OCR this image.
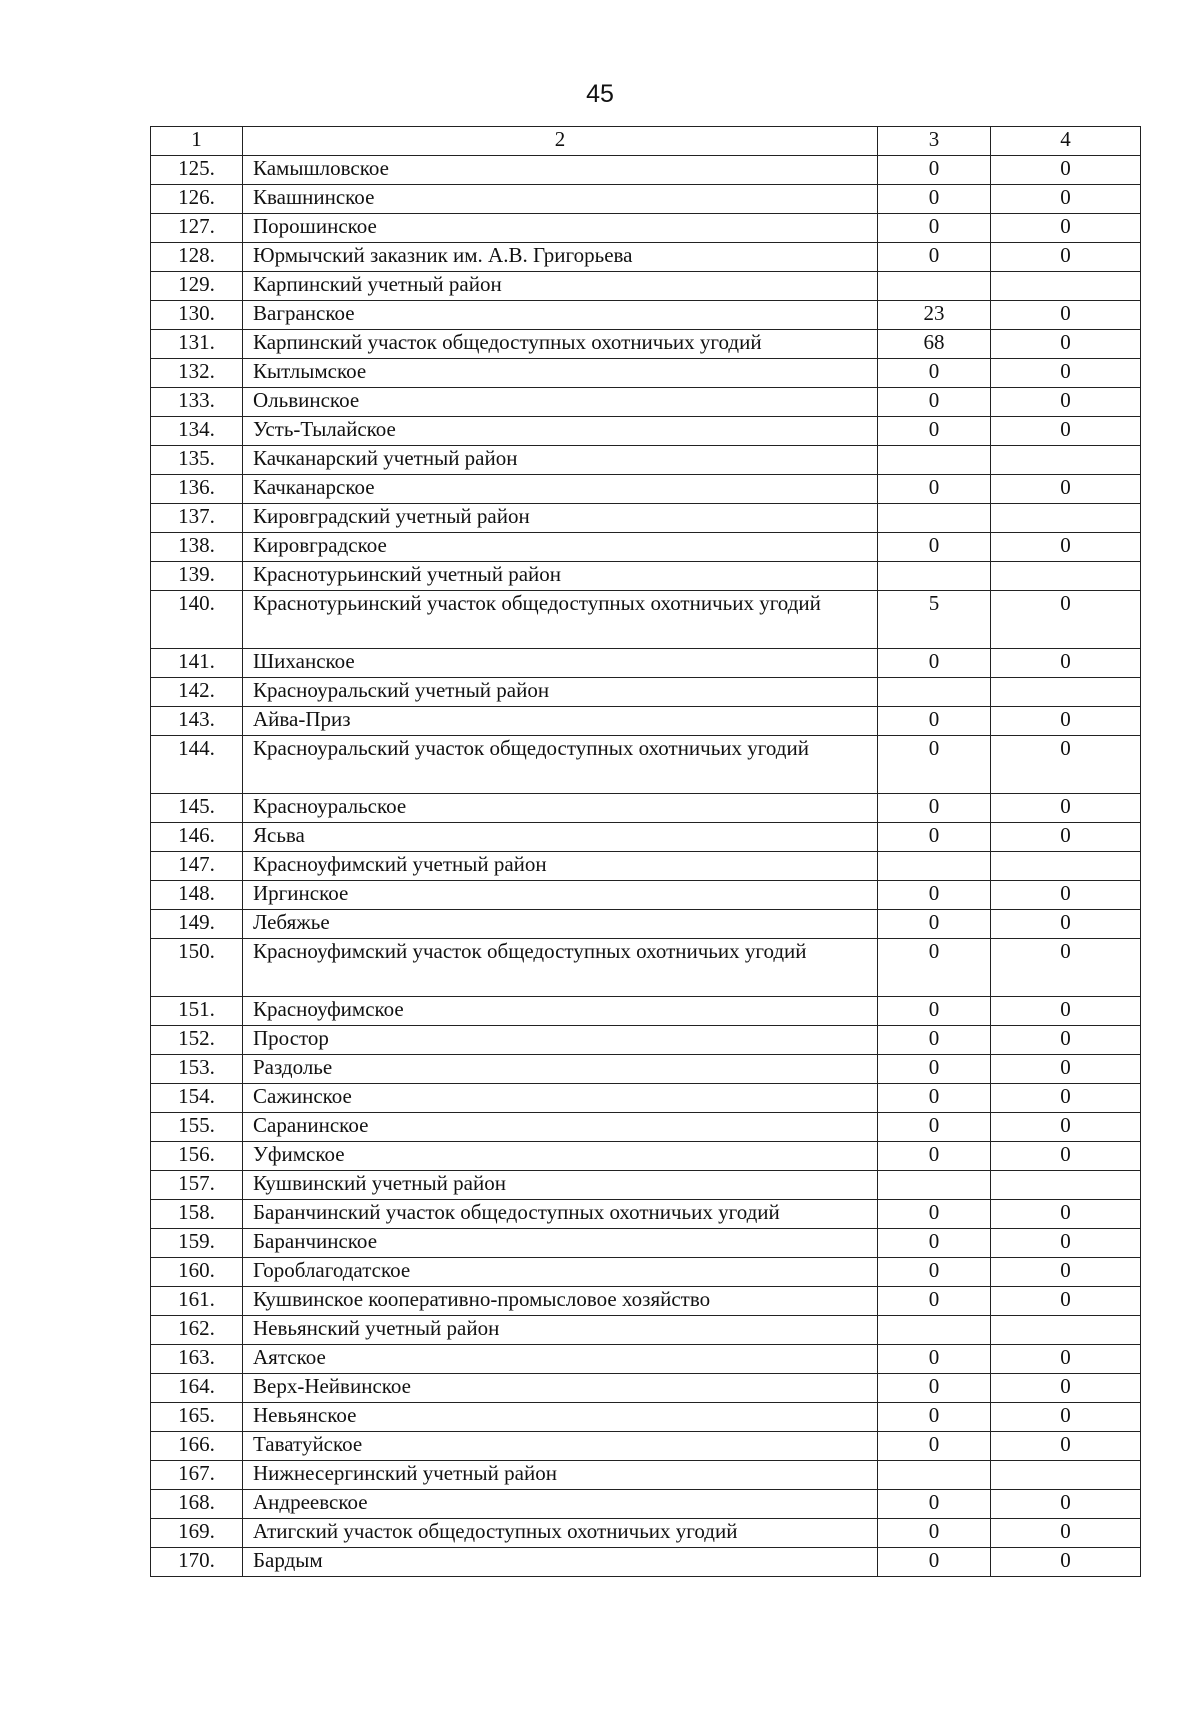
45
1	2	3	4
125.	Камышловское	0	0
126.	Квашнинское	0	0
127.	Порошинское	0	0
128.	Юрмычский заказник им. А.В. Григорьева	0	0
129.	Карпинский учетный район		
130.	Вагранское	23	0
131.	Карпинский участок общедоступных охотничьих угодий	68	0
132.	Кытлымское	0	0
133.	Ольвинское	0	0
134.	Усть-Тылайское	0	0
135.	Качканарский учетный район		
136.	Качканарское	0	0
137.	Кировградский учетный район		
138.	Кировградское	0	0
139.	Краснотурьинский учетный район		
140.	Краснотурьинский участок общедоступных охотничьих угодий	5	0
141.	Шиханское	0	0
142.	Красноуральский учетный район		
143.	Айва-Приз	0	0
144.	Красноуральский участок общедоступных охотничьих угодий	0	0
145.	Красноуральское	0	0
146.	Ясьва	0	0
147.	Красноуфимский учетный район		
148.	Иргинское	0	0
149.	Лебяжье	0	0
150.	Красноуфимский участок общедоступных охотничьих угодий	0	0
151.	Красноуфимское	0	0
152.	Простор	0	0
153.	Раздолье	0	0
154.	Сажинское	0	0
155.	Саранинское	0	0
156.	Уфимское	0	0
157.	Кушвинский учетный район		
158.	Баранчинский участок общедоступных охотничьих угодий	0	0
159.	Баранчинское	0	0
160.	Гороблагодатское	0	0
161.	Кушвинское кооперативно-промысловое хозяйство	0	0
162.	Невьянский учетный район		
163.	Аятское	0	0
164.	Верх-Нейвинское	0	0
165.	Невьянское	0	0
166.	Таватуйское	0	0
167.	Нижнесергинский учетный район		
168.	Андреевское	0	0
169.	Атигский участок общедоступных охотничьих угодий	0	0
170.	Бардым	0	0
